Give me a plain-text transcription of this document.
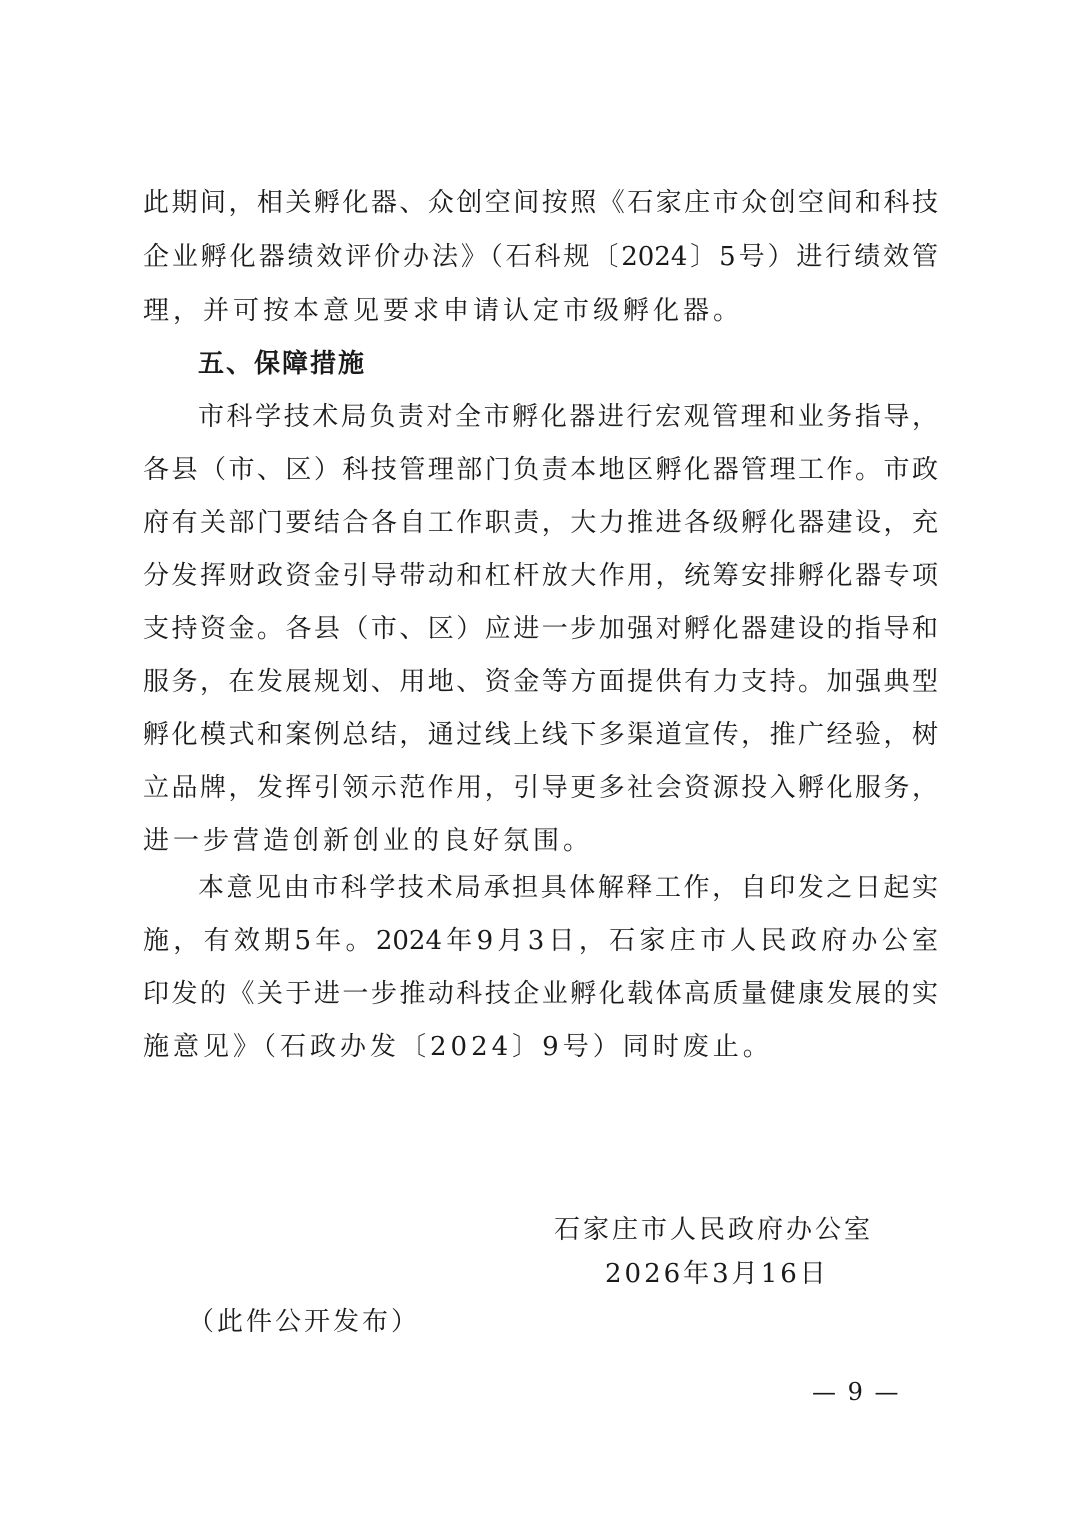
此期间，相关孵化器、众创空间按照《石家庄市众创空间和科技
企业孵化器绩效评价办法》（石科规〔2024〕5号）进行绩效管
理，并可按本意见要求申请认定市级孵化器。
五、保障措施
市科学技术局负责对全市孵化器进行宏观管理和业务指导，
各县（市、区）科技管理部门负责本地区孵化器管理工作。市政
府有关部门要结合各自工作职责，大力推进各级孵化器建设，充
分发挥财政资金引导带动和杠杆放大作用，统筹安排孵化器专项
支持资金。各县（市、区）应进一步加强对孵化器建设的指导和
服务，在发展规划、用地、资金等方面提供有力支持。加强典型
孵化模式和案例总结，通过线上线下多渠道宣传，推广经验，树
立品牌，发挥引领示范作用，引导更多社会资源投入孵化服务，
进一步营造创新创业的良好氛围。
本意见由市科学技术局承担具体解释工作，自印发之日起实
施，有效期5年。2024年9月3日，石家庄市人民政府办公室
印发的《关于进一步推动科技企业孵化载体高质量健康发展的实
施意见》（石政办发〔2024〕9号）同时废止。
石家庄市人民政府办公室
2026年3月16日
（此件公开发布）
— 9 —
